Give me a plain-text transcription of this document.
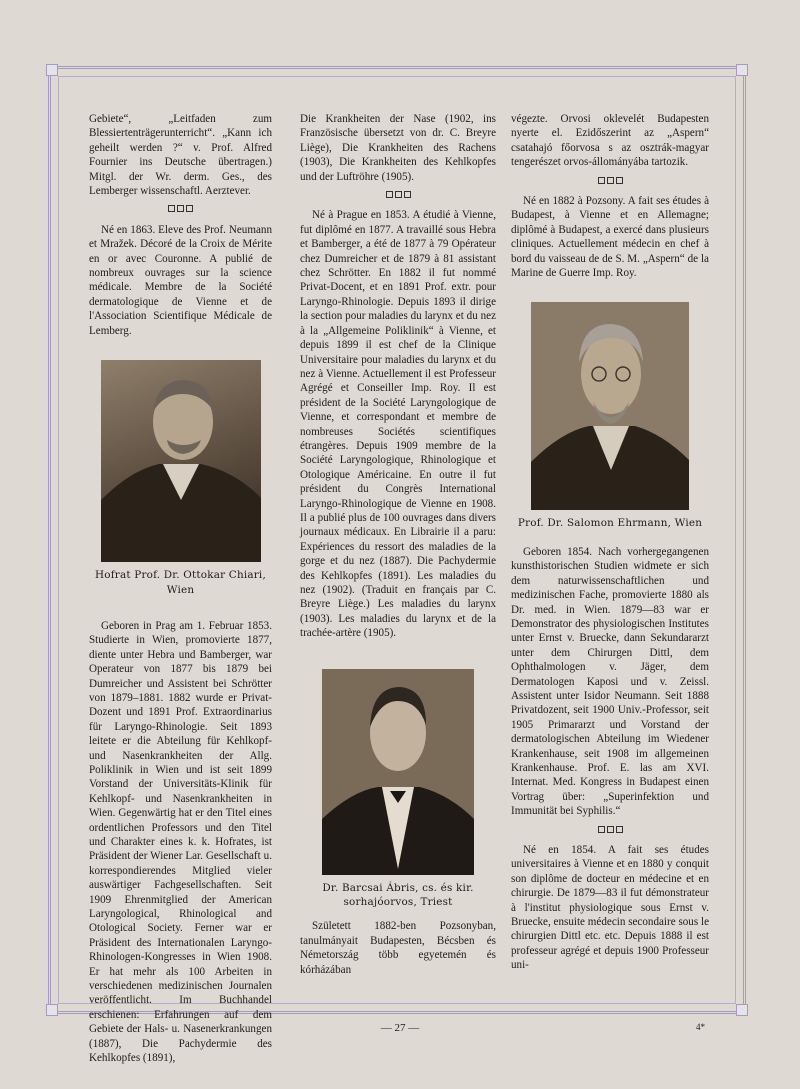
Gebiete“, „Leitfaden zum Blessiertenträgerunterricht“. „Kann ich geheilt werden ?“ v. Prof. Alfred Fournier ins Deutsche übertragen.) Mitgl. der Wr. derm. Ges., des Lemberger wissenschaftl. Aerztever.

Né en 1863. Eleve des Prof. Neumann et Mražek. Décoré de la Croix de Mérite en or avec Couronne. A publié de nombreux ouvrages sur la science médicale. Membre de la Société dermatologique de Vienne et de l'Association Scientifique Médicale de Lemberg.

Hofrat Prof. Dr. Ottokar Chiari, Wien

Geboren in Prag am 1. Februar 1853. Studierte in Wien, promovierte 1877, diente unter Hebra und Bamberger, war Operateur von 1877 bis 1879 bei Dumreicher und Assistent bei Schrötter von 1879–1881. 1882 wurde er Privat-Dozent und 1891 Prof. Extraordinarius für Laryngo-Rhinologie. Seit 1893 leitete er die Abteilung für Kehlkopf- und Nasenkrankheiten der Allg. Poliklinik in Wien und ist seit 1899 Vorstand der Universitäts-Klinik für Kehlkopf- und Nasenkrankheiten in Wien. Gegenwärtig hat er den Titel eines ordentlichen Professors und den Titel und Charakter eines k. k. Hofrates, ist Präsident der Wiener Lar. Gesellschaft u. korrespondierendes Mitglied vieler auswärtiger Fachgesellschaften. Seit 1909 Ehrenmitglied der American Laryngological, Rhinological and Otological Society. Ferner war er Präsident des Internationalen Laryngo-Rhinologen-Kongresses in Wien 1908. Er hat mehr als 100 Arbeiten in verschiedenen medizinischen Journalen veröffentlicht. Im Buchhandel erschienen: Erfahrungen auf dem Gebiete der Hals- u. Nasenerkrankungen (1887), Die Pachydermie des Kehlkopfes (1891),

Die Krankheiten der Nase (1902, ins Französische übersetzt von dr. C. Breyre Liège), Die Krankheiten des Rachens (1903), Die Krankheiten des Kehlkopfes und der Luftröhre (1905).

Né à Prague en 1853. A étudié à Vienne, fut diplômé en 1877. A travaillé sous Hebra et Bamberger, a été de 1877 à 79 Opérateur chez Dumreicher et de 1879 à 81 assistant chez Schrötter. En 1882 il fut nommé Privat-Docent, et en 1891 Prof. extr. pour Laryngo-Rhinologie. Depuis 1893 il dirige la section pour maladies du larynx et du nez à la „Allgemeine Poliklinik“ à Vienne, et depuis 1899 il est chef de la Clinique Universitaire pour maladies du larynx et du nez à Vienne. Actuellement il est Professeur Agrégé et Conseiller Imp. Roy. Il est président de la Société Laryngologique de Vienne, et correspondant et membre de nombreuses Sociétés scientifiques étrangères. Depuis 1909 membre de la Société Laryngologique, Rhinologique et Otologique Américaine. En outre il fut président du Congrès International Laryngo-Rhinologique de Vienne en 1908. Il a publié plus de 100 ouvrages dans divers journaux médicaux. En Librairie il a paru: Expériences du ressort des maladies de la gorge et du nez (1887). Die Pachydermie des Kehlkopfes (1891). Les maladies du nez (1902). (Traduit en français par C. Breyre Liège.) Les maladies du larynx (1903). Les maladies du larynx et de la trachée-artère (1905).

Dr. Barcsai Ábris, cs. és kir. sorhajóorvos, Triest

Született 1882-ben Pozsonyban, tanulmányait Budapesten, Bécsben és Németország több egyetemén és kórházában

végezte. Orvosi oklevelét Budapesten nyerte el. Ezidőszerint az „Aspern“ csatahajó főorvosa s az osztrák-magyar tengerészet orvos-állományába tartozik.

Né en 1882 à Pozsony. A fait ses études à Budapest, à Vienne et en Allemagne; diplômé à Budapest, a exercé dans plusieurs cliniques. Actuellement médecin en chef à bord du vaisseau de de S. M. „Aspern“ de la Marine de Guerre Imp. Roy.

Prof. Dr. Salomon Ehrmann, Wien

Geboren 1854. Nach vorhergegangenen kunsthistorischen Studien widmete er sich dem naturwissenschaftlichen und medizinischen Fache, promovierte 1880 als Dr. med. in Wien. 1879—83 war er Demonstrator des physiologischen Institutes unter Ernst v. Bruecke, dann Sekundararzt unter dem Chirurgen Dittl, dem Ophthalmologen v. Jäger, dem Dermatologen Kaposi und v. Zeissl. Assistent unter Isidor Neumann. Seit 1888 Privatdozent, seit 1900 Univ.-Professor, seit 1905 Primararzt und Vorstand der dermatologischen Abteilung im Wiedener Krankenhause, seit 1908 im allgemeinen Krankenhause. Prof. E. las am XVI. Internat. Med. Kongress in Budapest einen Vortrag über: „Superinfektion und Immunität bei Syphilis.“

Né en 1854. A fait ses études universitaires à Vienne et en 1880 y conquit son diplôme de docteur en médecine et en chirurgie. De 1879—83 il fut démonstrateur à l'institut physiologique sous Ernst v. Bruecke, ensuite médecin secondaire sous le chirurgien Dittl etc. etc. Depuis 1888 il est professeur agrégé et depuis 1900 Professeur uni-

— 27 —	4*
